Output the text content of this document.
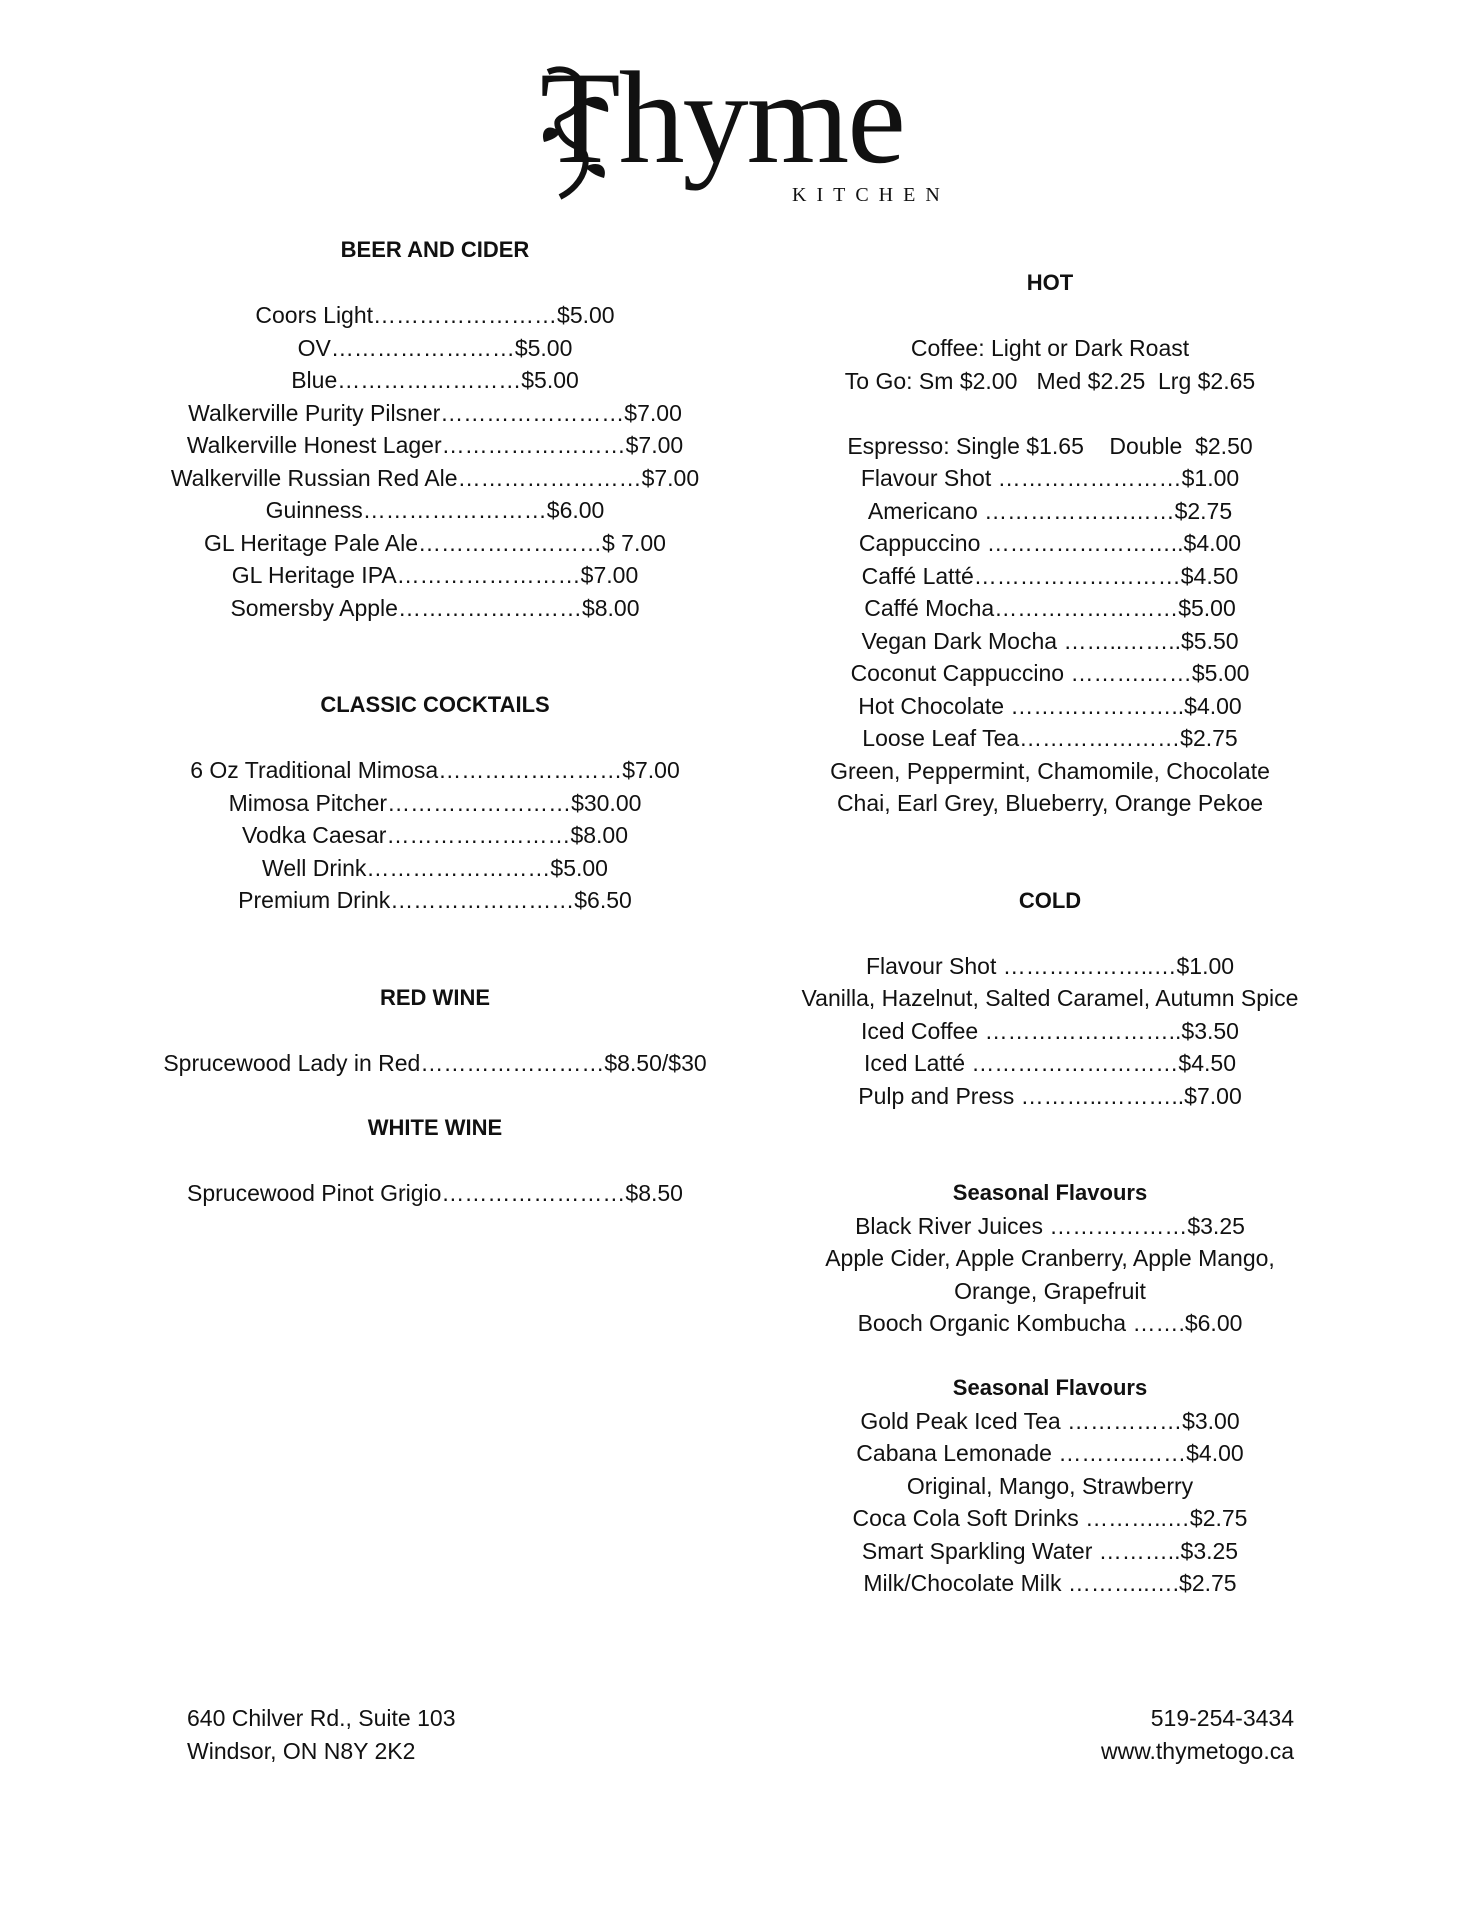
Thyme
KITCHEN
BEER AND CIDER
Coors Light……………………$5.00
OV……………………$5.00
Blue……………………$5.00
Walkerville Purity Pilsner……………………$7.00
Walkerville Honest Lager……………………$7.00
Walkerville Russian Red Ale……………………$7.00
Guinness……………………$6.00
GL Heritage Pale Ale……………………$ 7.00
GL Heritage IPA……………………$7.00
Somersby Apple……………………$8.00
CLASSIC COCKTAILS
6 Oz Traditional Mimosa……………………$7.00
Mimosa Pitcher……………………$30.00
Vodka Caesar……………………$8.00
Well Drink……………………$5.00
Premium Drink……………………$6.50
RED WINE
Sprucewood Lady in Red……………………$8.50/$30
WHITE WINE
Sprucewood Pinot Grigio……………………$8.50
HOT
Coffee: Light or Dark Roast
To Go: Sm $2.00   Med $2.25  Lrg $2.65
Espresso: Single $1.65    Double  $2.50
Flavour Shot ……………………$1.00
Americano ……………….……$2.75
Cappuccino ……………………..$4.00
Caffé Latté………………………$4.50
Caffé Mocha……………………$5.00
Vegan Dark Mocha ……..……..$5.50
Coconut Cappuccino ……….……$5.00
Hot Chocolate …………………..$4.00
Loose Leaf Tea…………………$2.75
Green, Peppermint, Chamomile, Chocolate
Chai, Earl Grey, Blueberry, Orange Pekoe
COLD
Flavour Shot ………………..…$1.00
Vanilla, Hazelnut, Salted Caramel, Autumn Spice
Iced Coffee ……………………..$3.50
Iced Latté ………………………$4.50
Pulp and Press ………..………..$7.00
Seasonal Flavours
Black River Juices ………………$3.25
Apple Cider, Apple Cranberry, Apple Mango,
Orange, Grapefruit
Booch Organic Kombucha …….$6.00
Seasonal Flavours
Gold Peak Iced Tea ……………$3.00
Cabana Lemonade ………..……$4.00
Original, Mango, Strawberry
Coca Cola Soft Drinks ………..…$2.75
Smart Sparkling Water ………..$3.25
Milk/Chocolate Milk ………..….$2.75
640 Chilver Rd., Suite 103
Windsor, ON N8Y 2K2
519-254-3434
www.thymetogo.ca
